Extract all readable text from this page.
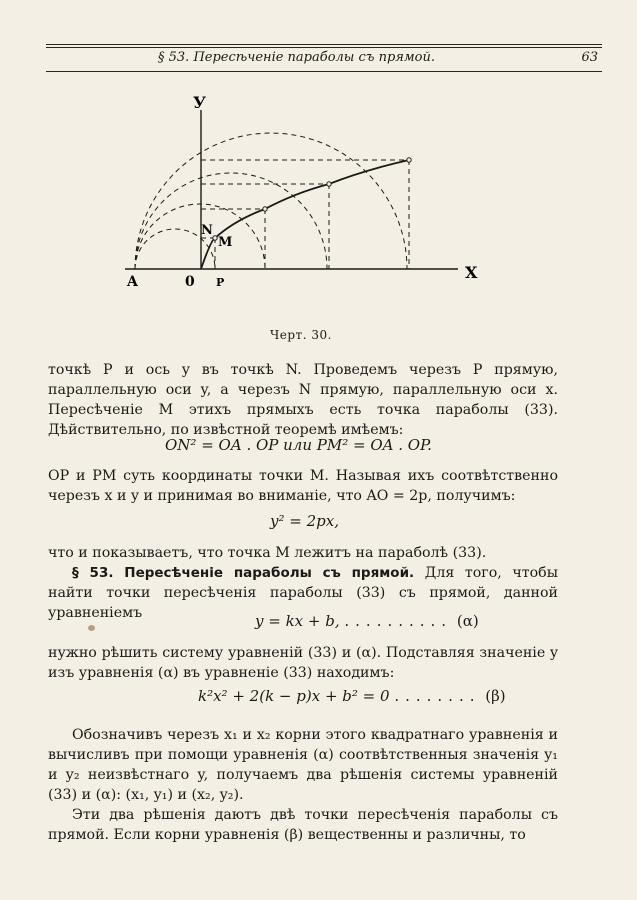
§ 53. Пересѣченіе параболы съ прямой.	63
У
X
A	0 P
N
M
Черт. 30.

точкѣ P и ось y въ точкѣ N. Проведемъ черезъ P прямую, параллельную оси y, а черезъ N прямую, параллельную оси x. Пересѣченіе M этихъ прямыхъ есть точка параболы (33). Дѣйствительно, по извѣстной теоремѣ имѣемъ:

ON² = OA . OP или PM² = OA . OP.

OP и PM суть координаты точки M. Называя ихъ соотвѣтственно черезъ x и y и принимая во вниманіе, что AO = 2p, получимъ:

y² = 2px,

что и показываетъ, что точка M лежитъ на параболѣ (33).

§ 53. Пересѣченіе параболы съ прямой. Для того, чтобы найти точки пересѣченія параболы (33) съ прямой, данной уравненіемъ	y = kx + b, .......... (α)

нужно рѣшить систему уравненій (33) и (α). Подставляя значеніе y изъ уравненія (α) въ уравненіе (33) находимъ:

k²x² + 2(k − p)x + b² = 0 ........ (β)

Обозначивъ черезъ x₁ и x₂ корни этого квадратнаго уравненія и вычисливъ при помощи уравненія (α) соотвѣтственныя значенія y₁ и y₂ неизвѣстнаго y, получаемъ два рѣшенія системы уравненій (33) и (α): (x₁, y₁) и (x₂, y₂).

Эти два рѣшенія даютъ двѣ точки пересѣченія параболы съ прямой. Если корни уравненія (β) вещественны и различны, то
